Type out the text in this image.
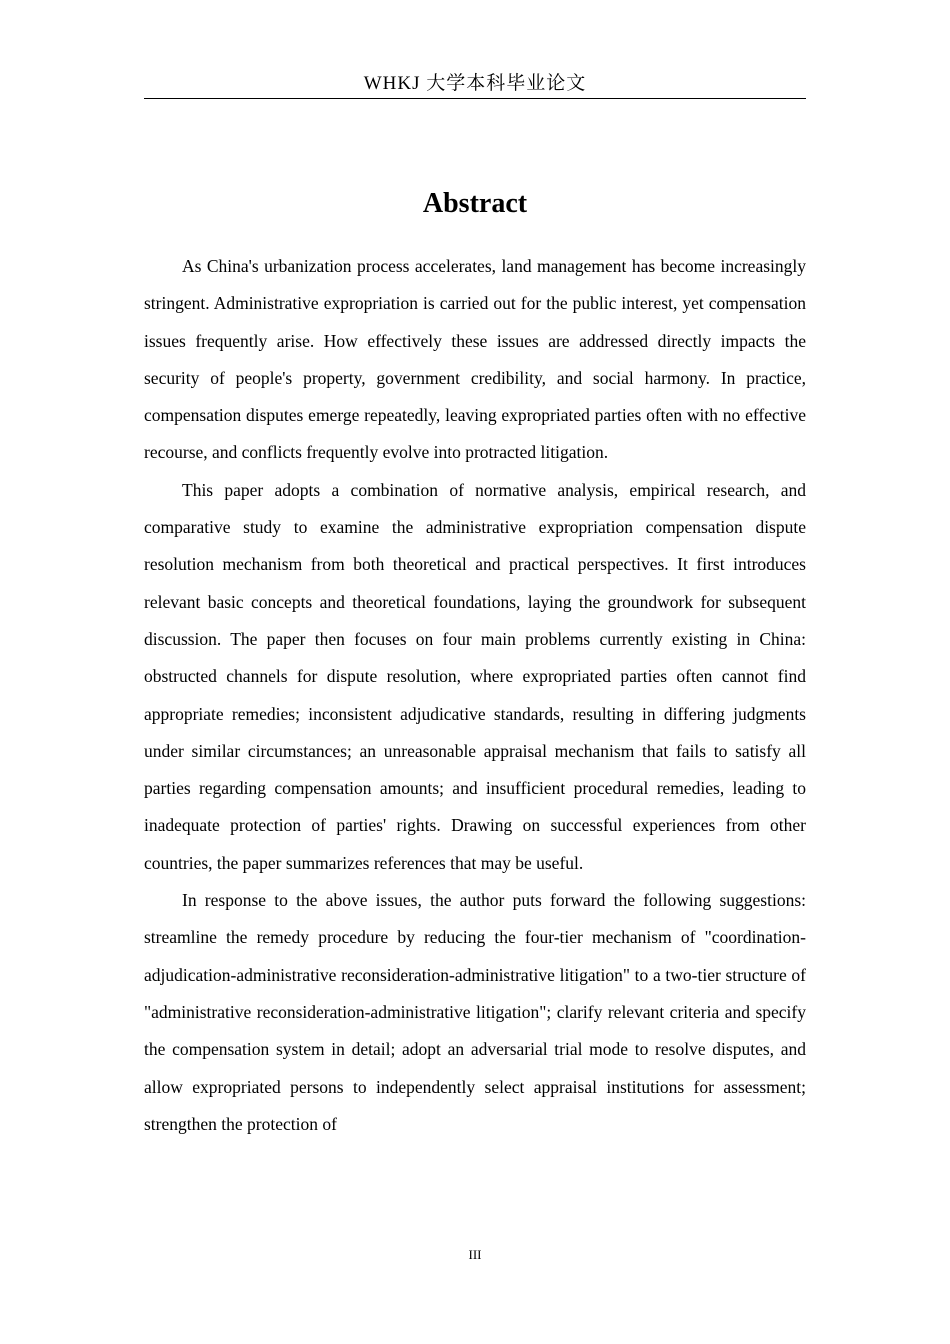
WHKJ 大学本科毕业论文
Abstract

As China's urbanization process accelerates, land management has become increasingly stringent. Administrative expropriation is carried out for the public interest, yet compensation issues frequently arise. How effectively these issues are addressed directly impacts the security of people's property, government credibility, and social harmony. In practice, compensation disputes emerge repeatedly, leaving expropriated parties often with no effective recourse, and conflicts frequently evolve into protracted litigation.

This paper adopts a combination of normative analysis, empirical research, and comparative study to examine the administrative expropriation compensation dispute resolution mechanism from both theoretical and practical perspectives. It first introduces relevant basic concepts and theoretical foundations, laying the groundwork for subsequent discussion. The paper then focuses on four main problems currently existing in China: obstructed channels for dispute resolution, where expropriated parties often cannot find appropriate remedies; inconsistent adjudicative standards, resulting in differing judgments under similar circumstances; an unreasonable appraisal mechanism that fails to satisfy all parties regarding compensation amounts; and insufficient procedural remedies, leading to inadequate protection of parties' rights. Drawing on successful experiences from other countries, the paper summarizes references that may be useful.

In response to the above issues, the author puts forward the following suggestions: streamline the remedy procedure by reducing the four-tier mechanism of "coordination-adjudication-administrative reconsideration-administrative litigation" to a two-tier structure of "administrative reconsideration-administrative litigation"; clarify relevant criteria and specify the compensation system in detail; adopt an adversarial trial mode to resolve disputes, and allow expropriated persons to independently select appraisal institutions for assessment; strengthen the protection of

III
